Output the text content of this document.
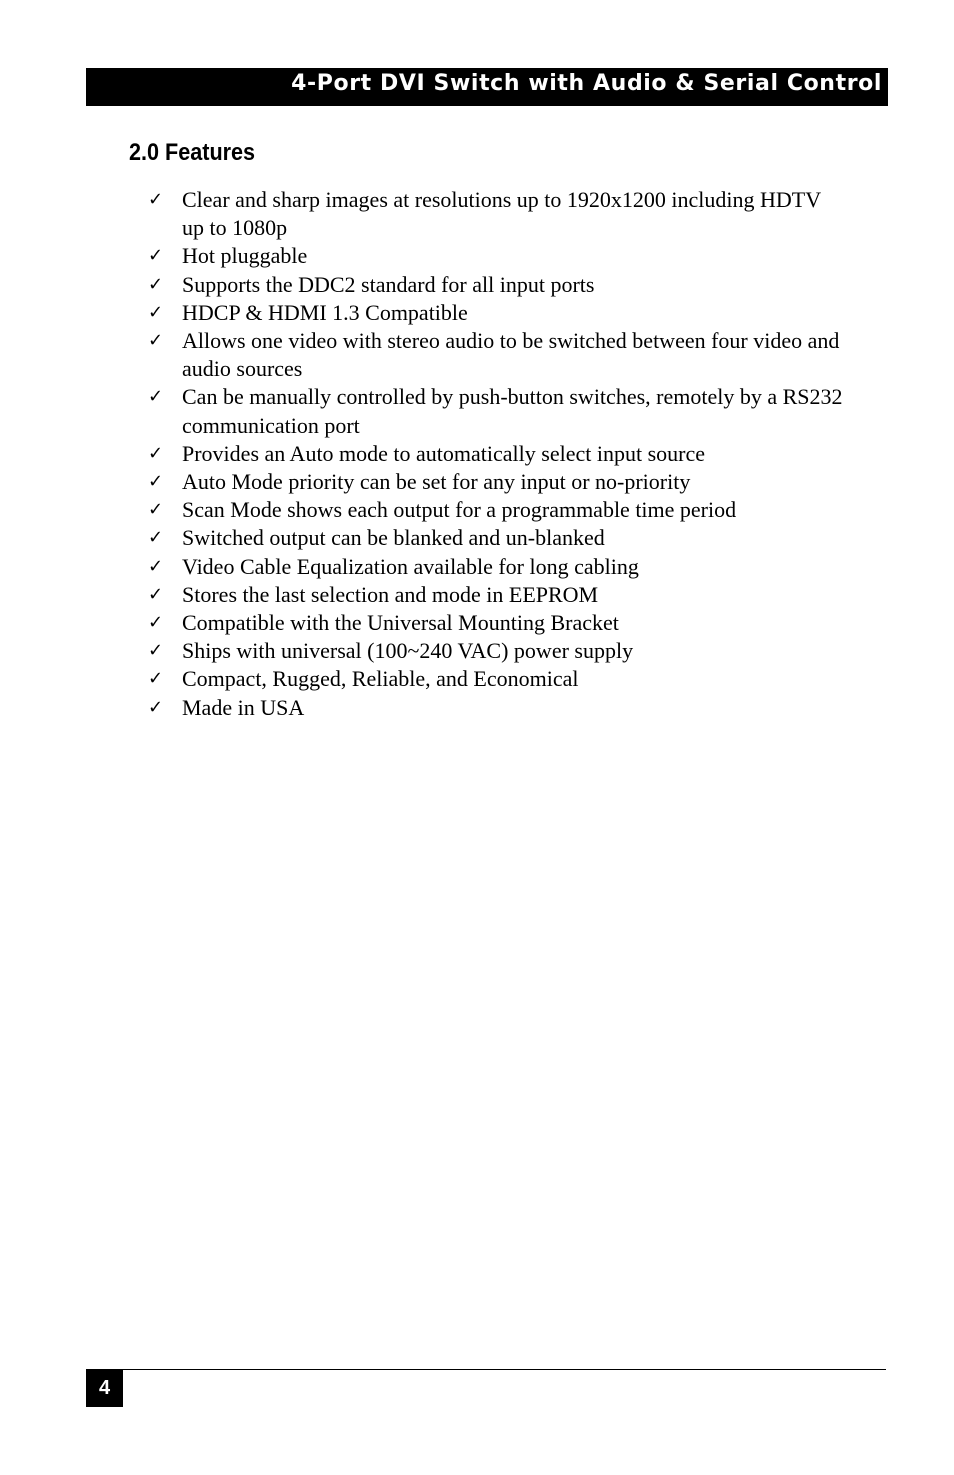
4-Port DVI Switch with Audio & Serial Control
2.0 Features
✓ Clear and sharp images at resolutions up to 1920x1200 including HDTV up to 1080p
✓ Hot pluggable
✓ Supports the DDC2 standard for all input ports
✓ HDCP & HDMI 1.3 Compatible
✓ Allows one video with stereo audio to be switched between four video and audio sources
✓ Can be manually controlled by push-button switches, remotely by a RS232 communication port
✓ Provides an Auto mode to automatically select input source
✓ Auto Mode priority can be set for any input or no-priority
✓ Scan Mode shows each output for a programmable time period
✓ Switched output can be blanked and un-blanked
✓ Video Cable Equalization available for long cabling
✓ Stores the last selection and mode in EEPROM
✓ Compatible with the Universal Mounting Bracket
✓ Ships with universal (100~240 VAC) power supply
✓ Compact, Rugged, Reliable, and Economical
✓ Made in USA
4
